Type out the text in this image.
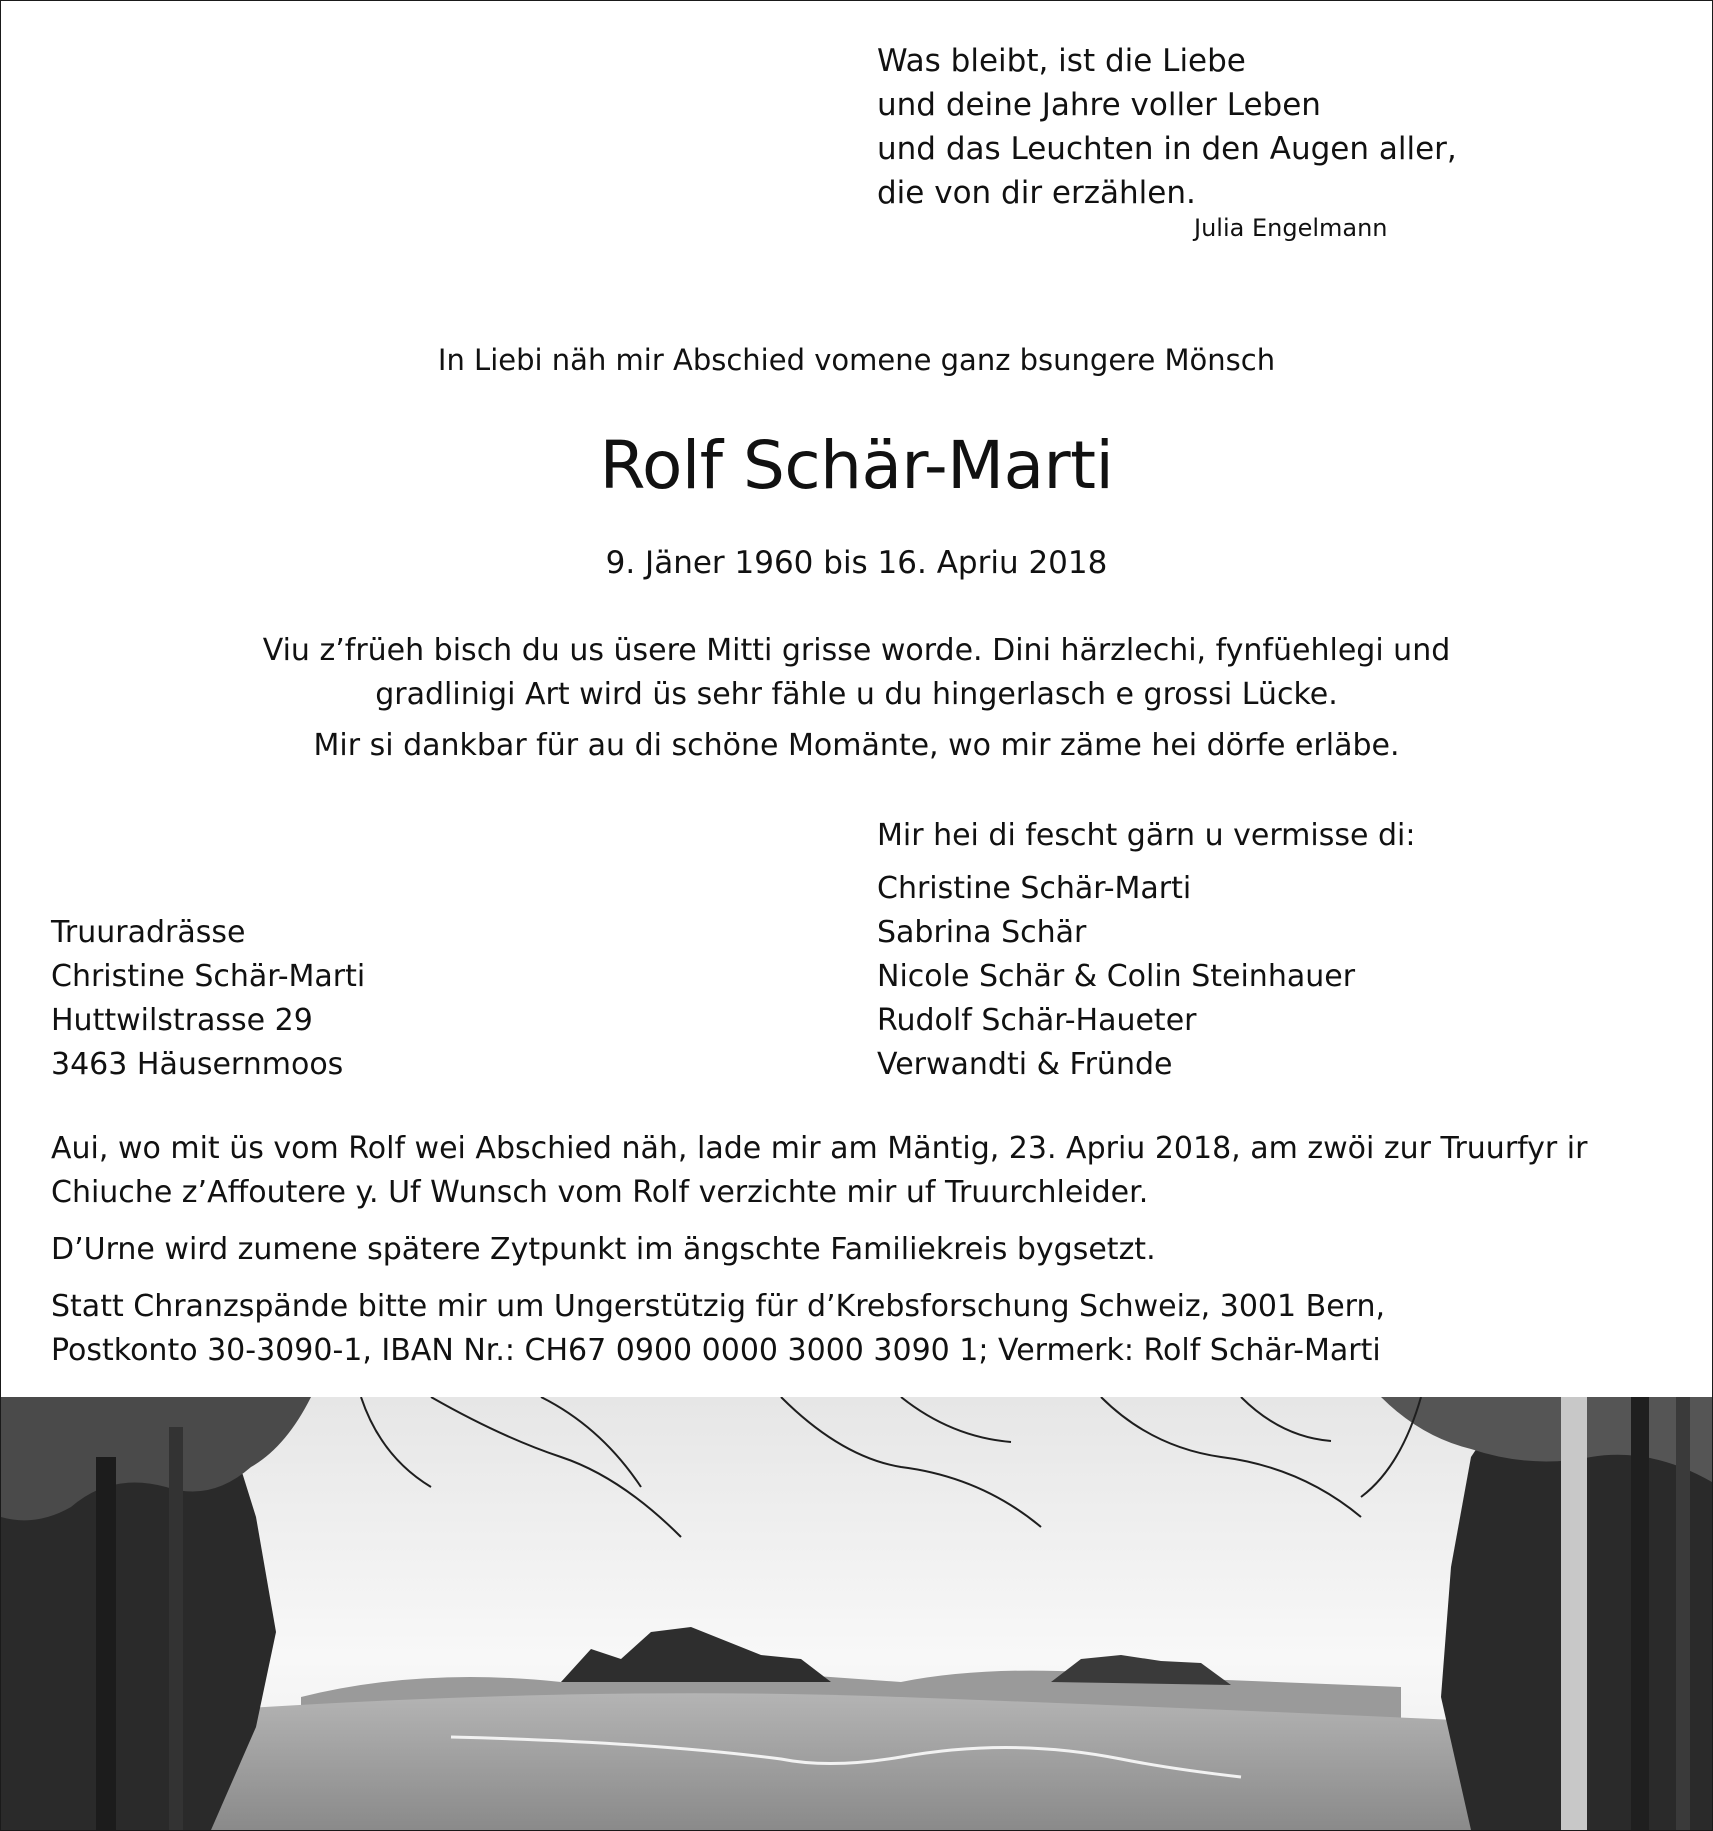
Was bleibt, ist die Liebe
und deine Jahre voller Leben
und das Leuchten in den Augen aller,
die von dir erzählen.
Julia Engelmann
In Liebi näh mir Abschied vomene ganz bsungere Mönsch
Rolf Schär-Marti
9. Jäner 1960 bis 16. Apriu 2018
Viu z’früeh bisch du us üsere Mitti grisse worde. Dini härzlechi, fynfüehlegi und
gradlinigi Art wird üs sehr fähle u du hingerlasch e grossi Lücke.
Mir si dankbar für au di schöne Momänte, wo mir zäme hei dörfe erläbe.
Mir hei di fescht gärn u vermisse di:
Christine Schär-Marti
Sabrina Schär
Nicole Schär & Colin Steinhauer
Rudolf Schär-Haueter
Verwandti & Fründe
Truuradrässe
Christine Schär-Marti
Huttwilstrasse 29
3463 Häusernmoos

Aui, wo mit üs vom Rolf wei Abschied näh, lade mir am Mäntig, 23. Apriu 2018, am zwöi zur Truurfyr ir
Chiuche z’Affoutere y. Uf Wunsch vom Rolf verzichte mir uf Truurchleider.

D’Urne wird zumene spätere Zytpunkt im ängschte Familiekreis bygsetzt.

Statt Chranzspände bitte mir um Ungerstützig für d’Krebsforschung Schweiz, 3001 Bern,
Postkonto 30-3090-1, IBAN Nr.: CH67 0900 0000 3000 3090 1; Vermerk: Rolf Schär-Marti
